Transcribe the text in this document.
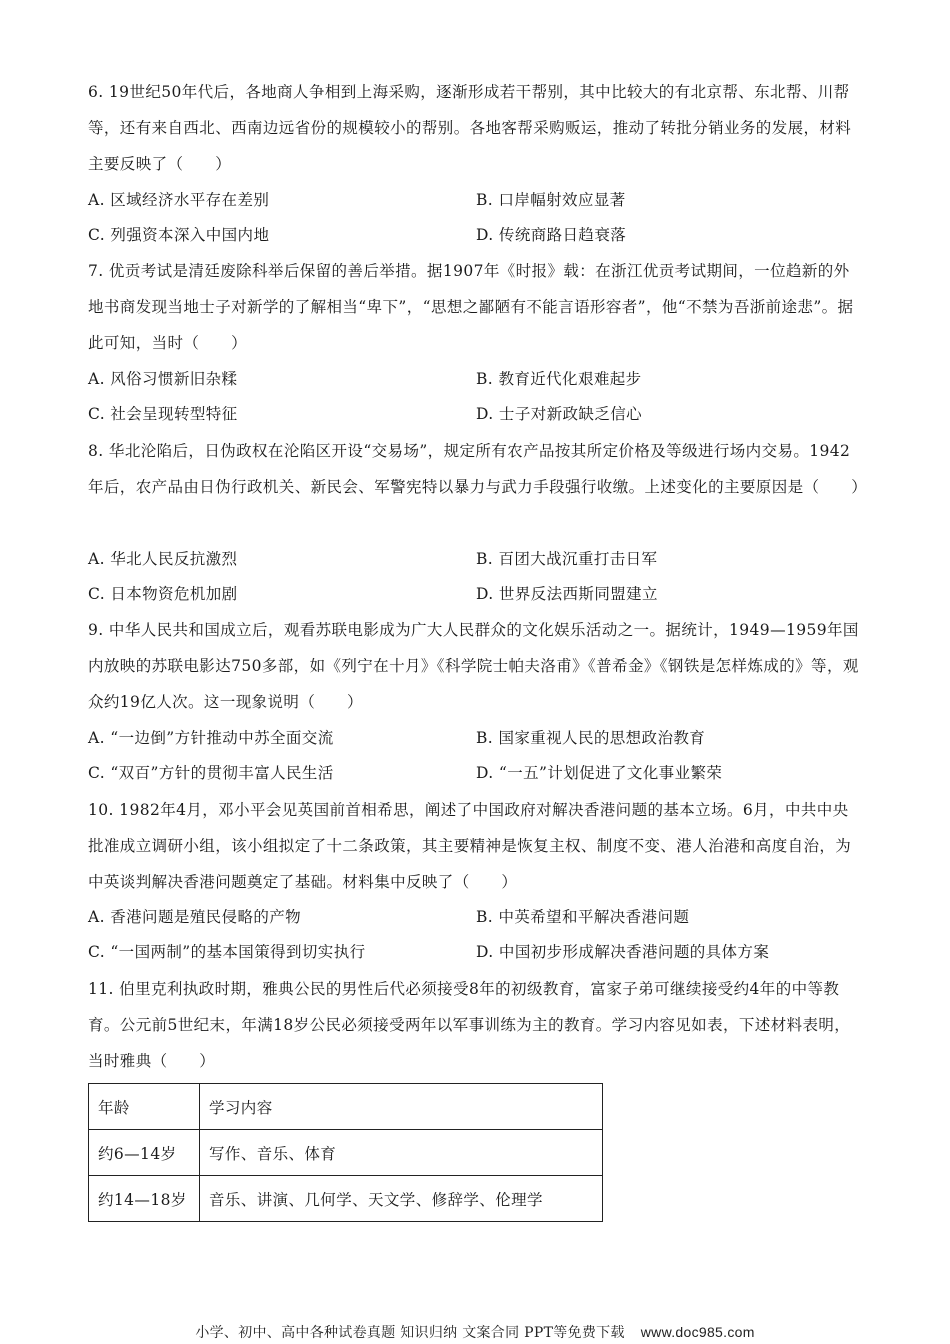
6. 19世纪50年代后，各地商人争相到上海采购，逐渐形成若干帮别，其中比较大的有北京帮、东北帮、川帮等，还有来自西北、西南边远省份的规模较小的帮别。各地客帮采购贩运，推动了转批分销业务的发展，材料主要反映了（　　）

A. 区域经济水平存在差别	B. 口岸幅射效应显著
C. 列强资本深入中国内地	D. 传统商路日趋衰落

7. 优贡考试是清廷废除科举后保留的善后举措。据1907年《时报》载：在浙江优贡考试期间，一位趋新的外地书商发现当地士子对新学的了解相当“卑下”，“思想之鄙陋有不能言语形容者”，他“不禁为吾浙前途悲”。据此可知，当时（　　）

A. 风俗习惯新旧杂糅	B. 教育近代化艰难起步
C. 社会呈现转型特征	D. 士子对新政缺乏信心

8. 华北沦陷后，日伪政权在沦陷区开设“交易场”，规定所有农产品按其所定价格及等级进行场内交易。1942年后，农产品由日伪行政机关、新民会、军警宪特以暴力与武力手段强行收缴。上述变化的主要原因是（　　）

A. 华北人民反抗激烈	B. 百团大战沉重打击日军
C. 日本物资危机加剧	D. 世界反法西斯同盟建立

9. 中华人民共和国成立后，观看苏联电影成为广大人民群众的文化娱乐活动之一。据统计，1949—1959年国内放映的苏联电影达750多部，如《列宁在十月》《科学院士帕夫洛甫》《普希金》《钢铁是怎样炼成的》等，观众约19亿人次。这一现象说明（　　）

A. “一边倒”方针推动中苏全面交流	B. 国家重视人民的思想政治教育
C. “双百”方针的贯彻丰富人民生活	D. “一五”计划促进了文化事业繁荣

10. 1982年4月，邓小平会见英国前首相希思，阐述了中国政府对解决香港问题的基本立场。6月，中共中央批准成立调研小组，该小组拟定了十二条政策，其主要精神是恢复主权、制度不变、港人治港和高度自治，为中英谈判解决香港问题奠定了基础。材料集中反映了（　　）

A. 香港问题是殖民侵略的产物	B. 中英希望和平解决香港问题
C. “一国两制”的基本国策得到切实执行	D. 中国初步形成解决香港问题的具体方案

11. 伯里克利执政时期，雅典公民的男性后代必须接受8年的初级教育，富家子弟可继续接受约4年的中等教育。公元前5世纪末，年满18岁公民必须接受两年以军事训练为主的教育。学习内容见如表，下述材料表明，当时雅典（　　）

年龄	学习内容
约6—14岁	写作、音乐、体育
约14—18岁	音乐、讲演、几何学、天文学、修辞学、伦理学
小学、初中、高中各种试卷真题 知识归纳 文案合同 PPT等免费下载 www.doc985.com
